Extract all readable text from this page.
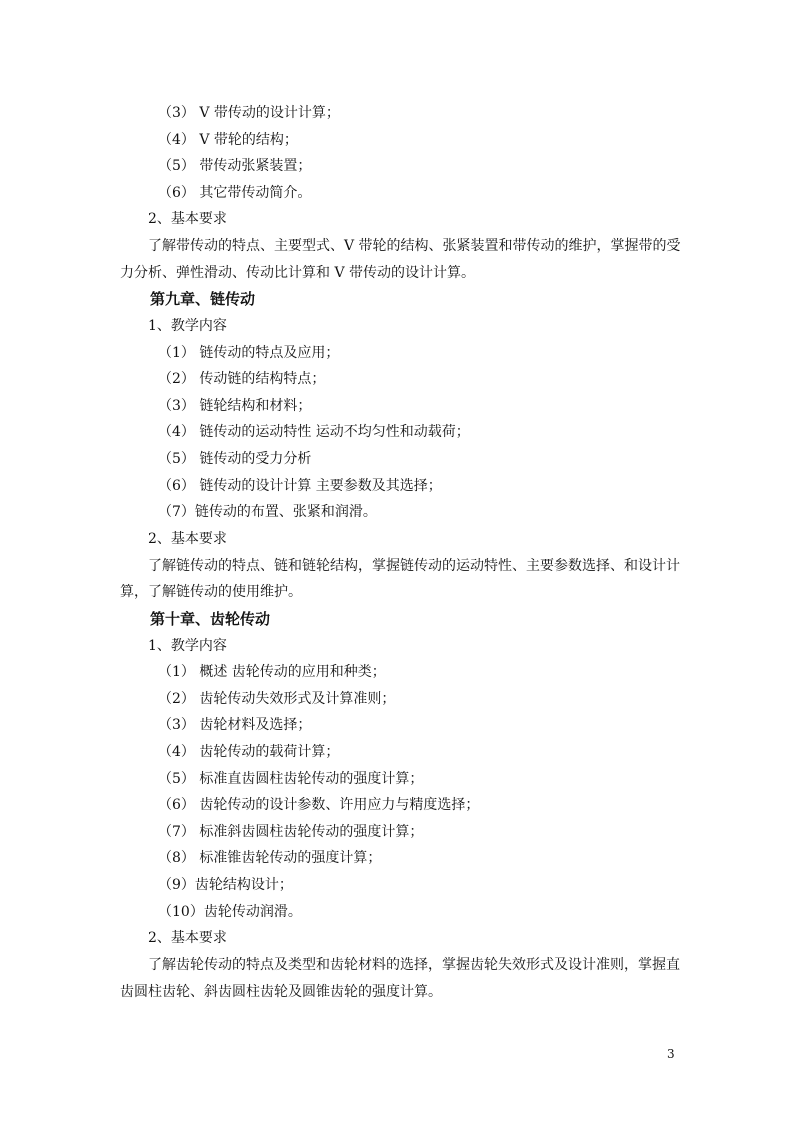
（3） V 带传动的设计计算；
（4） V 带轮的结构；
（5） 带传动张紧装置；
（6） 其它带传动简介。
2、基本要求
了解带传动的特点、主要型式、V 带轮的结构、张紧装置和带传动的维护，掌握带的受
力分析、弹性滑动、传动比计算和 V 带传动的设计计算。
第九章、链传动
1、教学内容
（1） 链传动的特点及应用；
（2） 传动链的结构特点；
（3） 链轮结构和材料；
（4） 链传动的运动特性 运动不均匀性和动载荷；
（5） 链传动的受力分析
（6） 链传动的设计计算 主要参数及其选择；
（7）链传动的布置、张紧和润滑。
2、基本要求
了解链传动的特点、链和链轮结构，掌握链传动的运动特性、主要参数选择、和设计计
算，了解链传动的使用维护。
第十章、齿轮传动
1、教学内容
（1） 概述 齿轮传动的应用和种类；
（2） 齿轮传动失效形式及计算准则；
（3） 齿轮材料及选择；
（4） 齿轮传动的载荷计算；
（5） 标准直齿圆柱齿轮传动的强度计算；
（6） 齿轮传动的设计参数、许用应力与精度选择；
（7） 标准斜齿圆柱齿轮传动的强度计算；
（8） 标准锥齿轮传动的强度计算；
（9）齿轮结构设计；
（10）齿轮传动润滑。
2、基本要求
了解齿轮传动的特点及类型和齿轮材料的选择，掌握齿轮失效形式及设计准则，掌握直
齿圆柱齿轮、斜齿圆柱齿轮及圆锥齿轮的强度计算。
3
